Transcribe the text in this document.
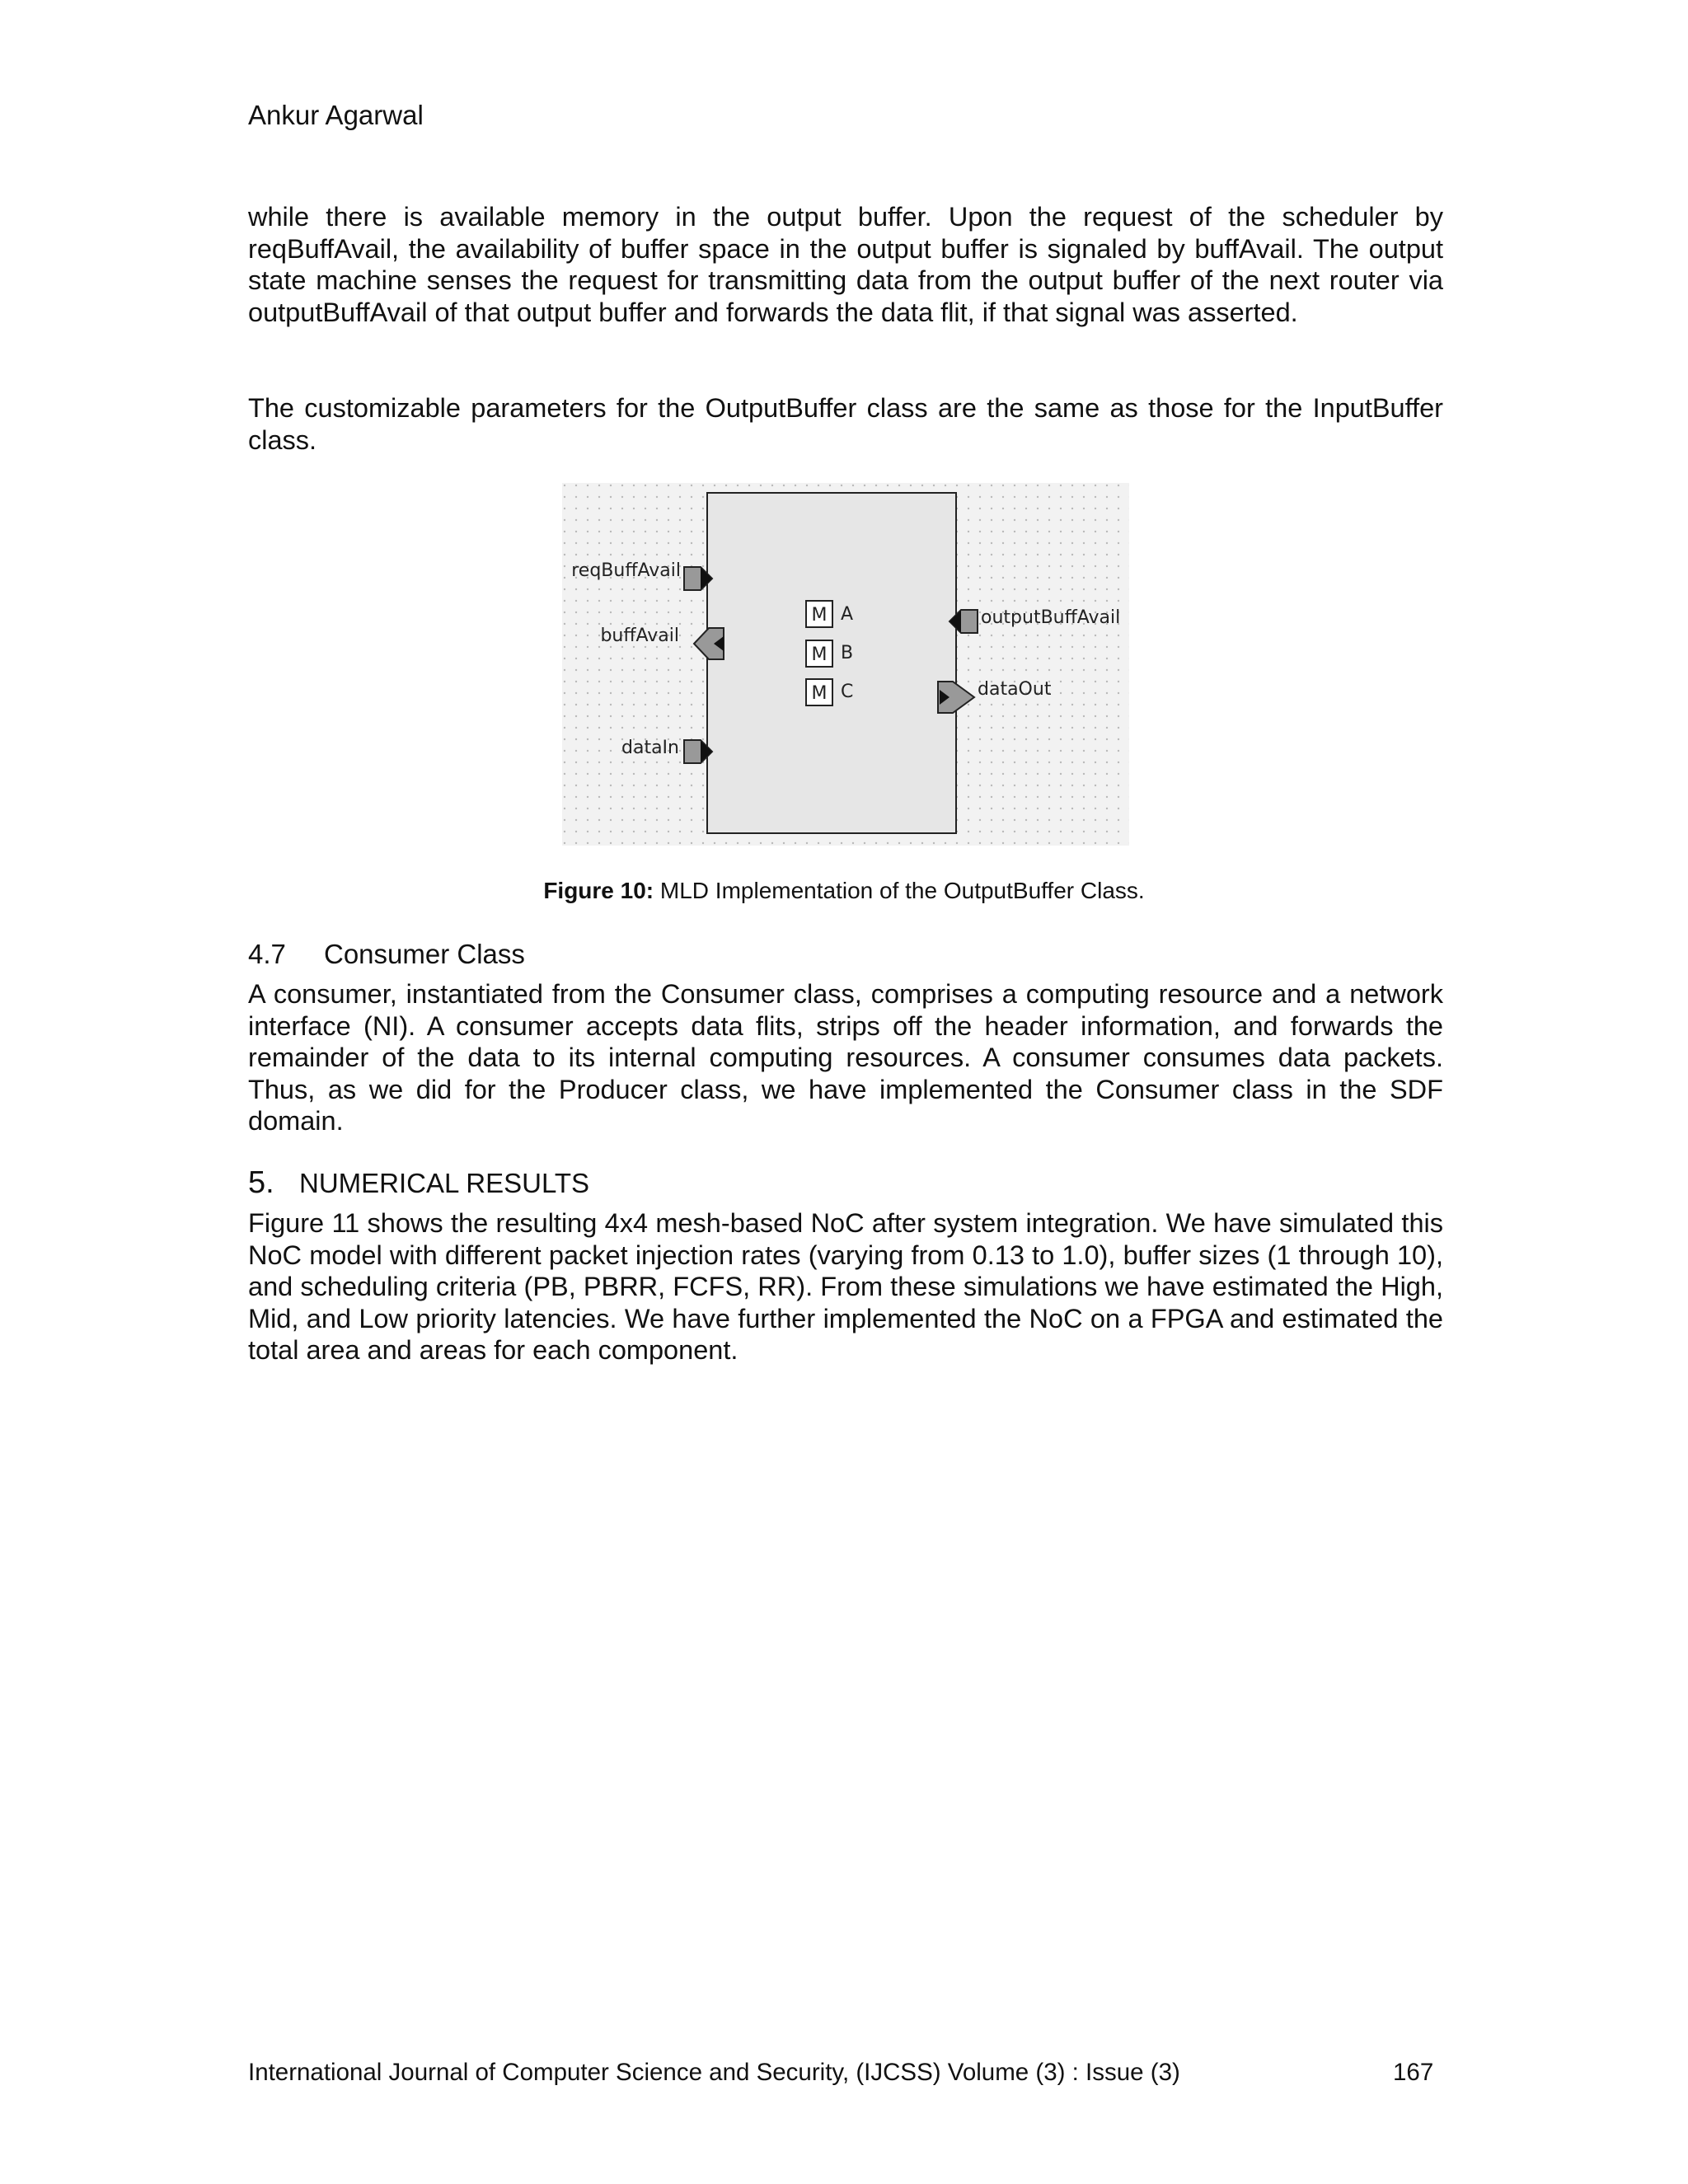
Ankur Agarwal

while there is available memory in the output buffer. Upon the request of the scheduler by reqBuffAvail, the availability of buffer space in the output buffer is signaled by buffAvail. The output state machine senses the request for transmitting data from the output buffer of the next router via outputBuffAvail of that output buffer and forwards the data flit, if that signal was asserted.

The customizable parameters for the OutputBuffer class are the same as those for the InputBuffer class.

reqBuffAvail
buffAvail
dataIn
outputBuffAvail
dataOut
M A
M B
M C
Figure 10: MLD Implementation of the OutputBuffer Class.
4.7 Consumer Class

A consumer, instantiated from the Consumer class, comprises a computing resource and a network interface (NI). A consumer accepts data flits, strips off the header information, and forwards the remainder of the data to its internal computing resources. A consumer consumes data packets. Thus, as we did for the Producer class, we have implemented the Consumer class in the SDF domain.

5. NUMERICAL RESULTS

Figure 11 shows the resulting 4x4 mesh-based NoC after system integration. We have simulated this NoC model with different packet injection rates (varying from 0.13 to 1.0), buffer sizes (1 through 10), and scheduling criteria (PB, PBRR, FCFS, RR). From these simulations we have estimated the High, Mid, and Low priority latencies. We have further implemented the NoC on a FPGA and estimated the total area and areas for each component.

International Journal of Computer Science and Security, (IJCSS) Volume (3) : Issue (3)	167
